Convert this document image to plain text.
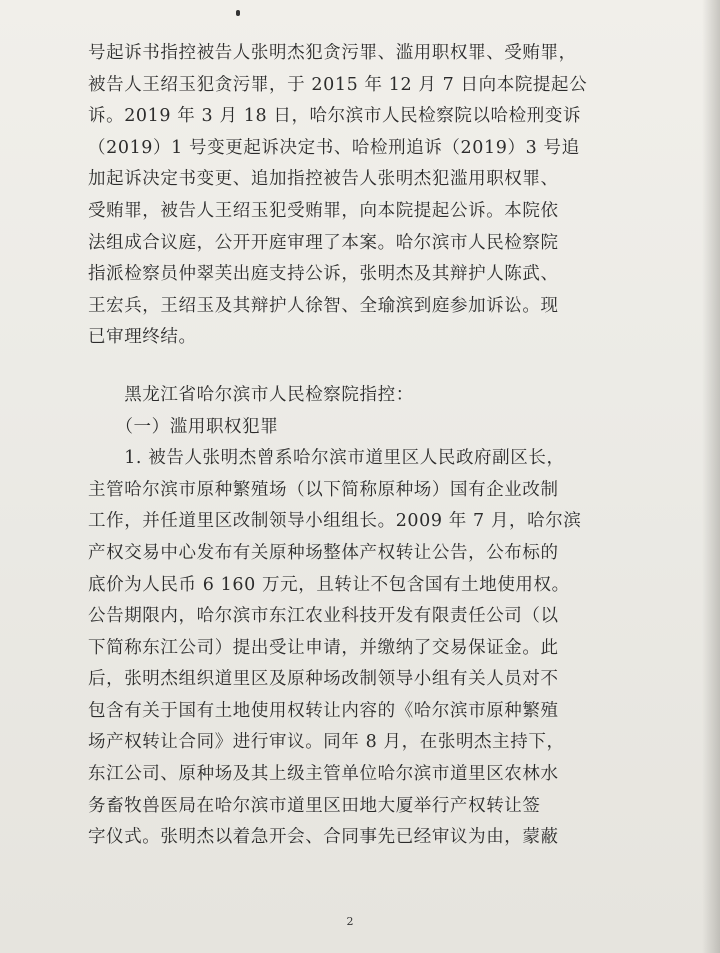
号起诉书指控被告人张明杰犯贪污罪、滥用职权罪、受贿罪，
被告人王绍玉犯贪污罪，于 2015 年 12 月 7 日向本院提起公
诉。2019 年 3 月 18 日，哈尔滨市人民检察院以哈检刑变诉
（2019）1 号变更起诉决定书、哈检刑追诉（2019）3 号追
加起诉决定书变更、追加指控被告人张明杰犯滥用职权罪、
受贿罪，被告人王绍玉犯受贿罪，向本院提起公诉。本院依
法组成合议庭，公开开庭审理了本案。哈尔滨市人民检察院
指派检察员仲翠芙出庭支持公诉，张明杰及其辩护人陈武、
王宏兵，王绍玉及其辩护人徐智、全瑜滨到庭参加诉讼。现
已审理终结。
　　黑龙江省哈尔滨市人民检察院指控：
　　（一）滥用职权犯罪
　　1. 被告人张明杰曾系哈尔滨市道里区人民政府副区长，
主管哈尔滨市原种繁殖场（以下简称原种场）国有企业改制
工作，并任道里区改制领导小组组长。2009 年 7 月，哈尔滨
产权交易中心发布有关原种场整体产权转让公告，公布标的
底价为人民币 6 160 万元，且转让不包含国有土地使用权。
公告期限内，哈尔滨市东江农业科技开发有限责任公司（以
下简称东江公司）提出受让申请，并缴纳了交易保证金。此
后，张明杰组织道里区及原种场改制领导小组有关人员对不
包含有关于国有土地使用权转让内容的《哈尔滨市原种繁殖
场产权转让合同》进行审议。同年 8 月，在张明杰主持下，
东江公司、原种场及其上级主管单位哈尔滨市道里区农林水
务畜牧兽医局在哈尔滨市道里区田地大厦举行产权转让签
字仪式。张明杰以着急开会、合同事先已经审议为由，蒙蔽
2
